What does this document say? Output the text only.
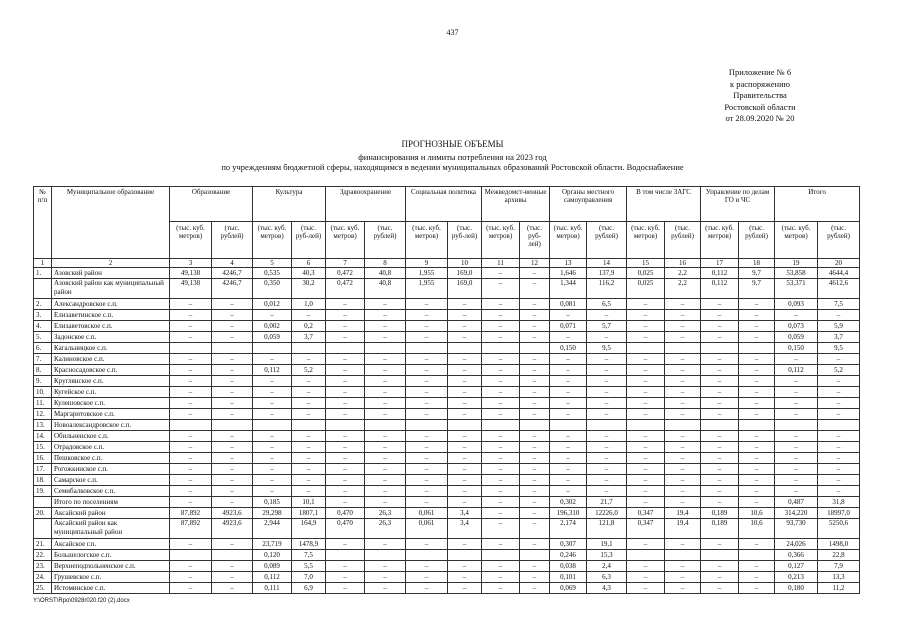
437
Приложение № 6
к распоряжению
Правительства
Ростовской области
от 28.09.2020 № 20
ПРОГНОЗНЫЕ ОБЪЕМЫ
финансирования и лимиты потребления на 2023 год
по учреждениям бюджетной сферы, находящимся в ведении муниципальных образований Ростовской области. Водоснабжение
№ п/п	Муниципальное образование	Образование		Культура		Здравоохранение		Социальная политика		Межведомст-венные архивы		Органы местного самоуправления		В том числе ЗАГС		Управление по делам ГО и ЧС		Итого	
		(тыс. куб. метров)	(тыс. рублей)	(тыс. куб. метров)	(тыс. руб-лей)	(тыс. куб. метров)	(тыс. рублей)	(тыс. куб. метров)	(тыс. руб-лей)	(тыс. куб. метров)	(тыс. руб-лей)	(тыс. куб. метров)	(тыс. рублей)	(тыс. куб. метров)	(тыс. рублей)	(тыс. куб. метров)	(тыс. рублей)	(тыс. куб. метров)	(тыс. рублей)
1	2	3	4	5	6	7	8	9	10	11	12	13	14	15	16	17	18	19	20
1.	Азовский район	49,138	4246,7	0,535	40,3	0,472	40,8	1,955	169,0	–	–	1,646	137,9	0,025	2,2	0,112	9,7	53,858	4644,4
	Азовский район как муниципальный район	49,138	4246,7	0,350	30,2	0,472	40,8	1,955	169,0	–	–	1,344	116,2	0,025	2,2	0,112	9,7	53,371	4612,6
2.	Александровское с.п.	–	–	0,012	1,0	–	–	–	–	–	–	0,081	6,5	–	–	–	–	0,093	7,5
3.	Елизаветинское с.п.	–	–	–	–	–	–	–	–	–	–	–	–	–	–	–	–	–	–
4.	Елизаветовское с.п.	–	–	0,002	0,2	–	–	–	–	–	–	0,071	5,7	–	–	–	–	0,073	5,9
5.	Задонское с.п.	–	–	0,059	3,7	–	–	–	–	–	–	–	–	–	–	–	–	0,059	3,7
6.	Кагальницкое с.п.											0,150	9,5					0,150	9,5
7.	Калиновское с.п.	–	–	–	–	–	–	–	–	–	–	–	–	–	–	–	–	–	–
8.	Красносадовское с.п.	–	–	0,112	5,2	–	–	–	–	–	–	–	–	–	–	–	–	0,112	5,2
9.	Круглянское с.п.	–	–	–	–	–	–	–	–	–	–	–	–	–	–	–	–	–	–
10.	Кугейское с.п.	–	–	–	–	–	–	–	–	–	–	–	–	–	–	–	–	–	–
11.	Кулешовское с.п.	–	–	–	–	–	–	–	–	–	–	–	–	–	–	–	–	–	–
12.	Маргаритовское с.п.	–	–	–	–	–	–	–	–	–	–	–	–	–	–	–	–	–	–
13.	Новоалександровское с.п.																		
14.	Обильненское с.п.	–	–	–	–	–	–	–	–	–	–	–	–	–	–	–	–	–	–
15.	Отрадовское с.п.	–	–	–	–	–	–	–	–	–	–	–	–	–	–	–	–	–	–
16.	Пешковское с.п.	–	–	–	–	–	–	–	–	–	–	–	–	–	–	–	–	–	–
17.	Рогожкинское с.п.	–	–	–	–	–	–	–	–	–	–	–	–	–	–	–	–	–	–
18.	Самарское с.п.	–	–	–	–	–	–	–	–	–	–	–	–	–	–	–	–	–	–
19.	Семибалковское с.п.	–	–	–	–	–	–	–	–	–	–	–	–	–	–	–	–	–	–
	Итого по поселениям	–	–	0,185	10,1	–	–	–	–	–	–	0,302	21,7	–	–	–	–	0,487	31,8
20.	Аксайский район	87,892	4923,6	29,298	1807,1	0,470	26,3	0,061	3,4	–	–	196,310	12226,0	0,347	19,4	0,189	10,6	314,220	18997,0
	Аксайский район как муниципальный район	87,892	4923,6	2,944	164,9	0,470	26,3	0,061	3,4	–	–	2,174	121,8	0,347	19,4	0,189	10,6	93,730	5250,6
21.	Аксайское г.п.	–	–	23,719	1478,9	–	–	–	–	–	–	0,307	19,1	–	–	–	–	24,026	1498,0
22.	Большелогское с.п.			0,120	7,5							0,246	15,3					0,366	22,8
23.	Верхнеподпольненское с.п.	–	–	0,089	5,5	–	–	–	–	–	–	0,038	2,4	–	–	–	–	0,127	7,9
24.	Грушевское с.п.	–	–	0,112	7,0	–	–	–	–	–	–	0,101	6,3	–	–	–	–	0,213	13,3
25.	Истоминское с.п.	–	–	0,111	6,9	–	–	–	–	–	–	0,069	4,3	–	–	–	–	0,180	11,2
Y:\ORST\Rpo\0928r020.f20 (2).docx
